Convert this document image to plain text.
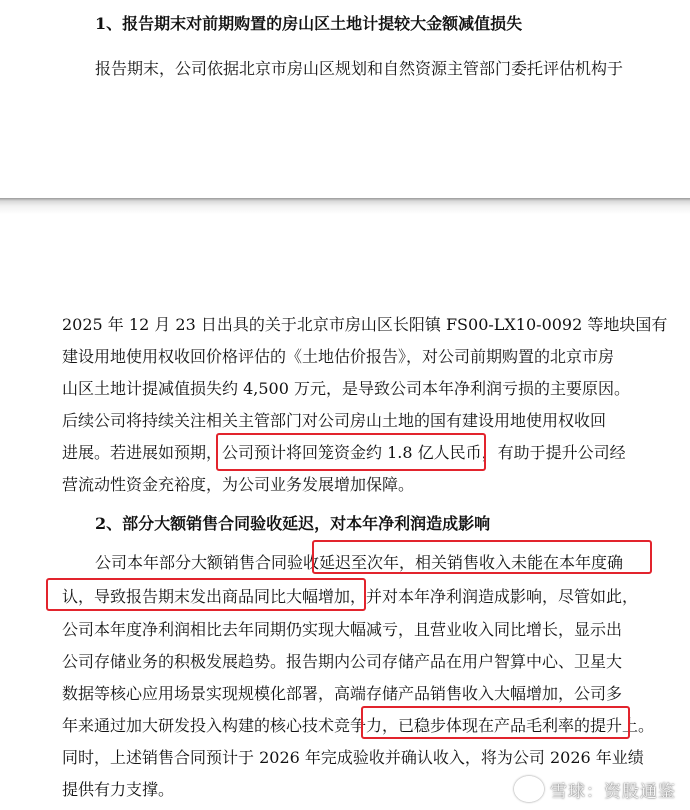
1、报告期末对前期购置的房山区土地计提较大金额减值损失
报告期末，公司依据北京市房山区规划和自然资源主管部门委托评估机构于
2025 年 12 月 23 日出具的关于北京市房山区长阳镇 FS00-LX10-0092 等地块国有
建设用地使用权收回价格评估的《土地估价报告》，对公司前期购置的北京市房
山区土地计提减值损失约 4,500 万元，是导致公司本年净利润亏损的主要原因。
后续公司将持续关注相关主管部门对公司房山土地的国有建设用地使用权收回
进展。若进展如预期，公司预计将回笼资金约 1.8 亿人民币，有助于提升公司经
营流动性资金充裕度，为公司业务发展增加保障。
2、部分大额销售合同验收延迟，对本年净利润造成影响
公司本年部分大额销售合同验收延迟至次年，相关销售收入未能在本年度确
认，导致报告期末发出商品同比大幅增加，并对本年净利润造成影响，尽管如此，
公司本年度净利润相比去年同期仍实现大幅减亏，且营业收入同比增长，显示出
公司存储业务的积极发展趋势。报告期内公司存储产品在用户智算中心、卫星大
数据等核心应用场景实现规模化部署，高端存储产品销售收入大幅增加，公司多
年来通过加大研发投入构建的核心技术竞争力，已稳步体现在产品毛利率的提升上。
同时，上述销售合同预计于 2026 年完成验收并确认收入，将为公司 2026 年业绩
提供有力支撑。	雪球：资股通鉴
